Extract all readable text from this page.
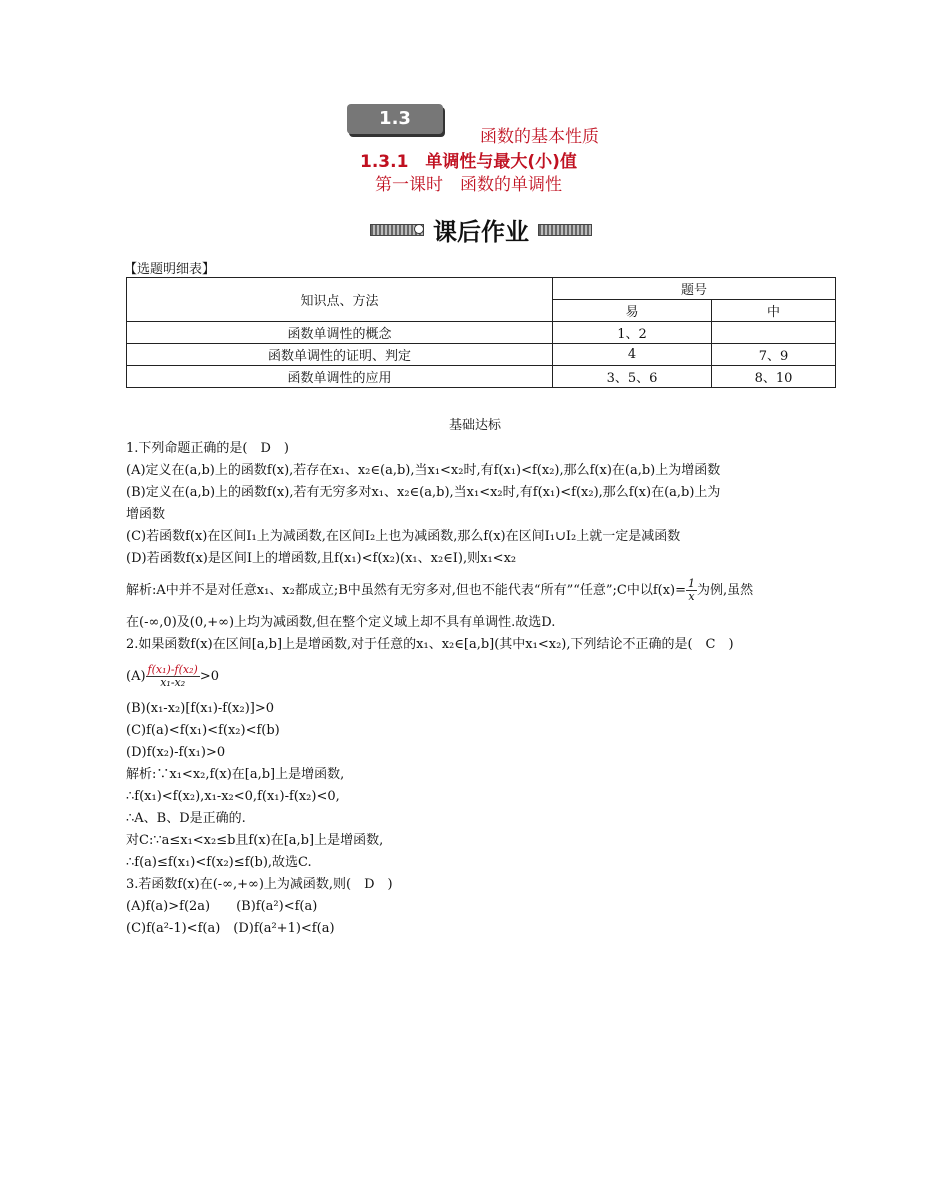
1.3
函数的基本性质
1.3.1　单调性与最大(小)值
第一课时　函数的单调性
课后作业
【选题明细表】
知识点、方法	题号	
	易	中
函数单调性的概念	1、2	
函数单调性的证明、判定	4	7、9
函数单调性的应用	3、5、6	8、10
基础达标

1.下列命题正确的是(　D　)

(A)定义在(a,b)上的函数f(x),若存在x₁、x₂∈(a,b),当x₁<x₂时,有f(x₁)<f(x₂),那么f(x)在(a,b)上为增函数

(B)定义在(a,b)上的函数f(x),若有无穷多对x₁、x₂∈(a,b),当x₁<x₂时,有f(x₁)<f(x₂),那么f(x)在(a,b)上为

增函数

(C)若函数f(x)在区间I₁上为减函数,在区间I₂上也为减函数,那么f(x)在区间I₁∪I₂上就一定是减函数

(D)若函数f(x)是区间I上的增函数,且f(x₁)<f(x₂)(x₁、x₂∈I),则x₁<x₂

解析:A中并不是对任意x₁、x₂都成立;B中虽然有无穷多对,但也不能代表“所有”“任意”;C中以$f(x)= \frac{1}{x}$ 为例,虽然

在(-∞,0)及(0,+∞)上均为减函数,但在整个定义域上却不具有单调性.故选D.

2.如果函数f(x)在区间[a,b]上是增函数,对于任意的x₁、x₂∈[a,b](其中x₁<x₂),下列结论不正确的是(　C　)

$(A) \frac{\text{f(x₁)-f(x₂)}}{\text{x₁-x₂}} >0$

(B)(x₁-x₂)[f(x₁)-f(x₂)]>0

(C)f(a)<f(x₁)<f(x₂)<f(b)

(D)f(x₂)-f(x₁)>0

解析:∵x₁<x₂,f(x)在[a,b]上是增函数,

∴f(x₁)<f(x₂),x₁-x₂<0,f(x₁)-f(x₂)<0,

∴A、B、D是正确的.

对C:∵a≤x₁<x₂≤b且f(x)在[a,b]上是增函数,

∴f(a)≤f(x₁)<f(x₂)≤f(b),故选C.

3.若函数f(x)在(-∞,+∞)上为减函数,则(　D　)

(A)f(a)>f(2a)　　(B)f(a²)<f(a)

(C)f(a²-1)<f(a)　(D)f(a²+1)<f(a)
